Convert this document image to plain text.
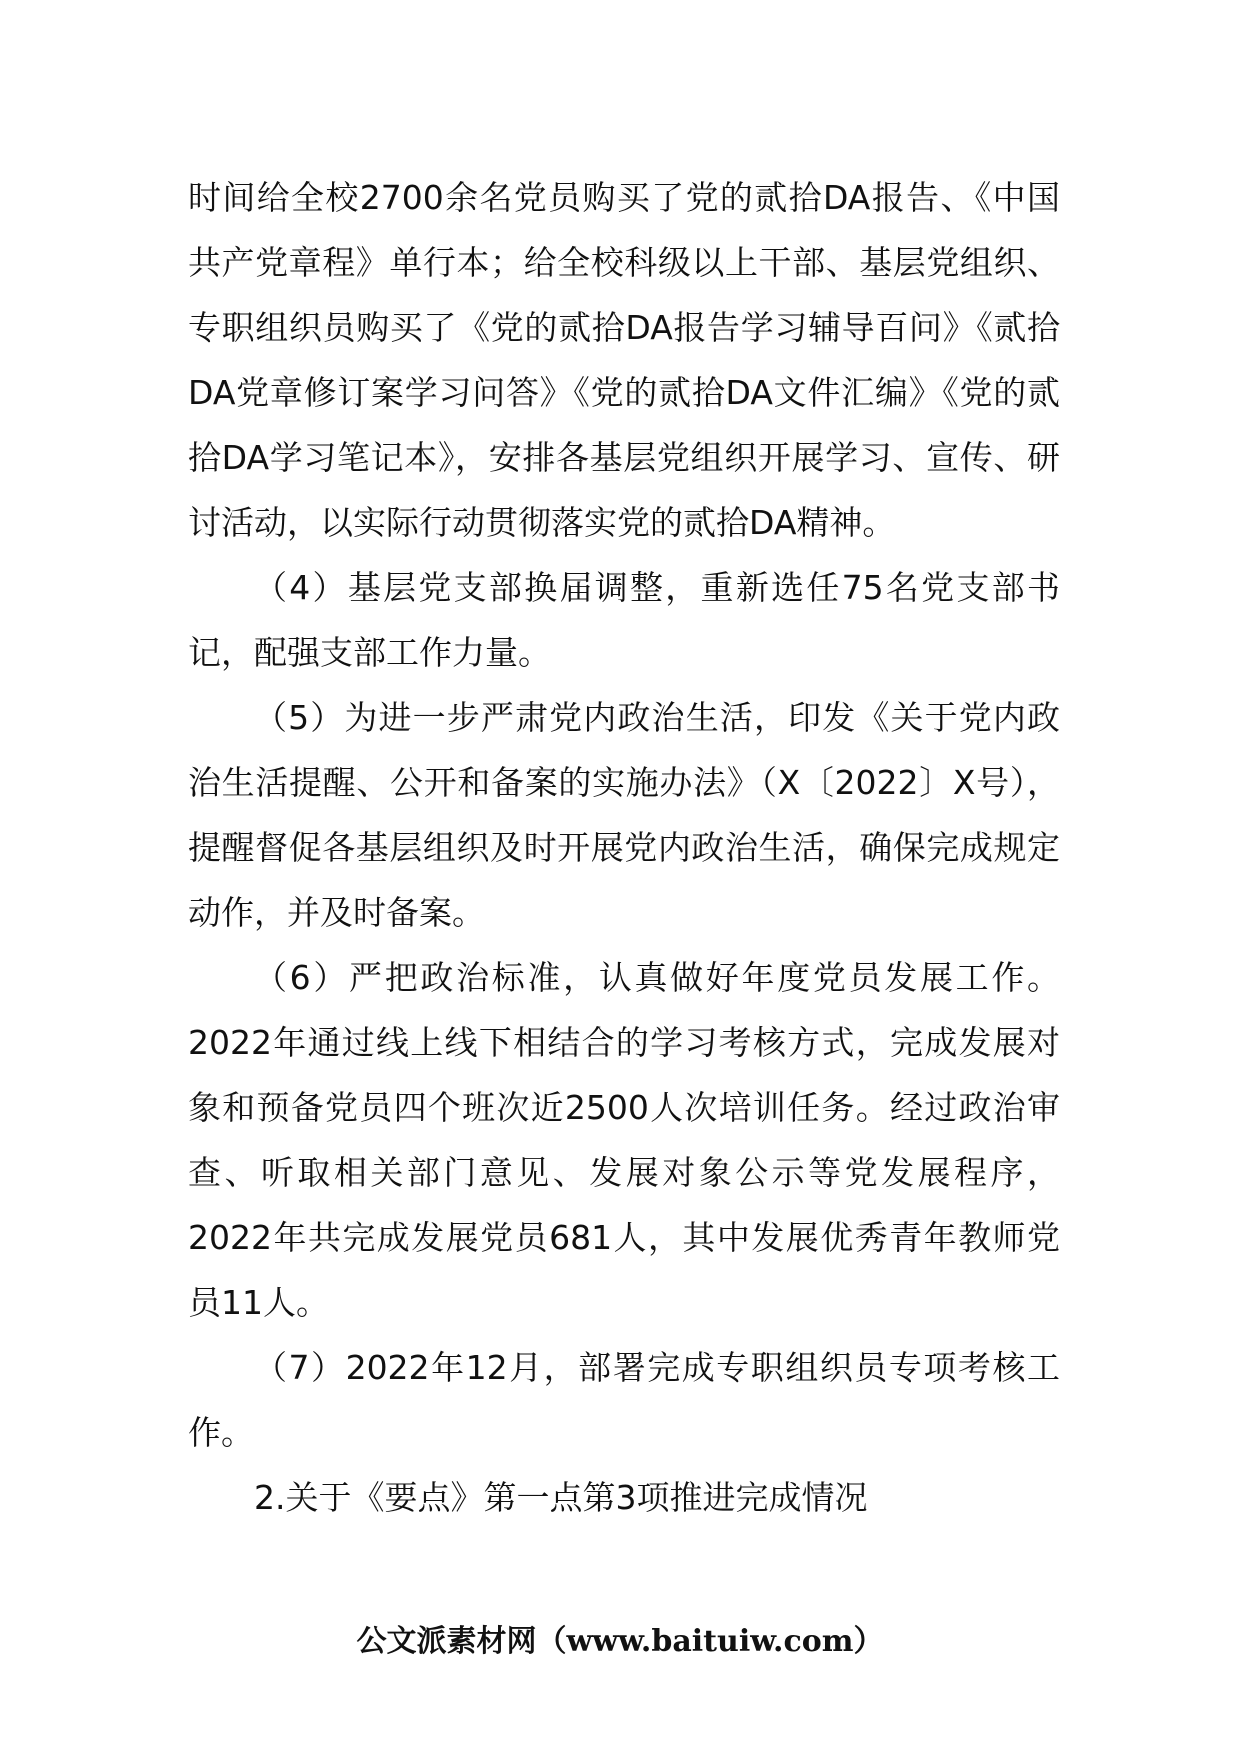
时间给全校2700余名党员购买了党的贰拾DA报告、《中国共产党章程》单行本；给全校科级以上干部、基层党组织、专职组织员购买了《党的贰拾DA报告学习辅导百问》《贰拾DA党章修订案学习问答》《党的贰拾DA文件汇编》《党的贰拾DA学习笔记本》，安排各基层党组织开展学习、宣传、研讨活动，以实际行动贯彻落实党的贰拾DA精神。

（4）基层党支部换届调整，重新选任75名党支部书记，配强支部工作力量。

（5）为进一步严肃党内政治生活，印发《关于党内政治生活提醒、公开和备案的实施办法》（X〔2022〕X号），提醒督促各基层组织及时开展党内政治生活，确保完成规定动作，并及时备案。

（6）严把政治标准，认真做好年度党员发展工作。2022年通过线上线下相结合的学习考核方式，完成发展对象和预备党员四个班次近2500人次培训任务。经过政治审查、听取相关部门意见、发展对象公示等党发展程序，2022年共完成发展党员681人，其中发展优秀青年教师党员11人。

（7）2022年12月，部署完成专职组织员专项考核工作。

2.关于《要点》第一点第3项推进完成情况

公文派素材网（www.baituiw.com）
